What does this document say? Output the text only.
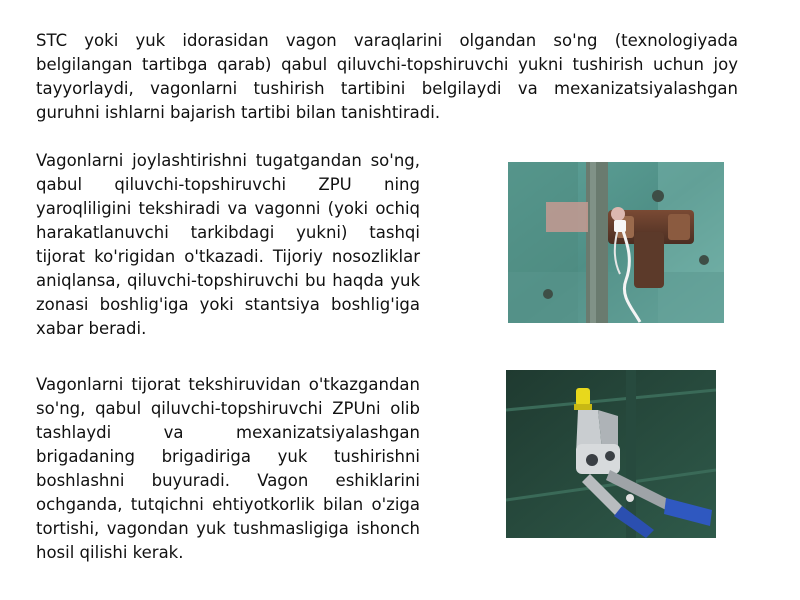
STC yoki yuk idorasidan vagon varaqlarini olgandan so'ng (texnologiyada belgilangan tartibga qarab) qabul qiluvchi-topshiruvchi yukni tushirish uchun joy tayyorlaydi, vagonlarni tushirish tartibini belgilaydi va mexanizatsiyalashgan guruhni ishlarni bajarish tartibi bilan tanishtiradi.

Vagonlarni joylashtirishni tugatgandan so'ng, qabul qiluvchi-topshiruvchi ZPU ning yaroqliligini tekshiradi va vagonni (yoki ochiq harakatlanuvchi tarkibdagi yukni) tashqi tijorat ko'rigidan o'tkazadi. Tijoriy nosozliklar aniqlansa, qiluvchi-topshiruvchi bu haqda yuk zonasi boshlig'iga yoki stantsiya boshlig'iga xabar beradi.

Vagonlarni tijorat tekshiruvidan o'tkazgandan so'ng, qabul qiluvchi-topshiruvchi ZPUni olib tashlaydi va mexanizatsiyalashgan brigadaning brigadiriga yuk tushirishni boshlashni buyuradi. Vagon eshiklarini ochganda, tutqichni ehtiyotkorlik bilan o'ziga tortishi, vagondan yuk tushmasligiga ishonch hosil qilishi kerak.
